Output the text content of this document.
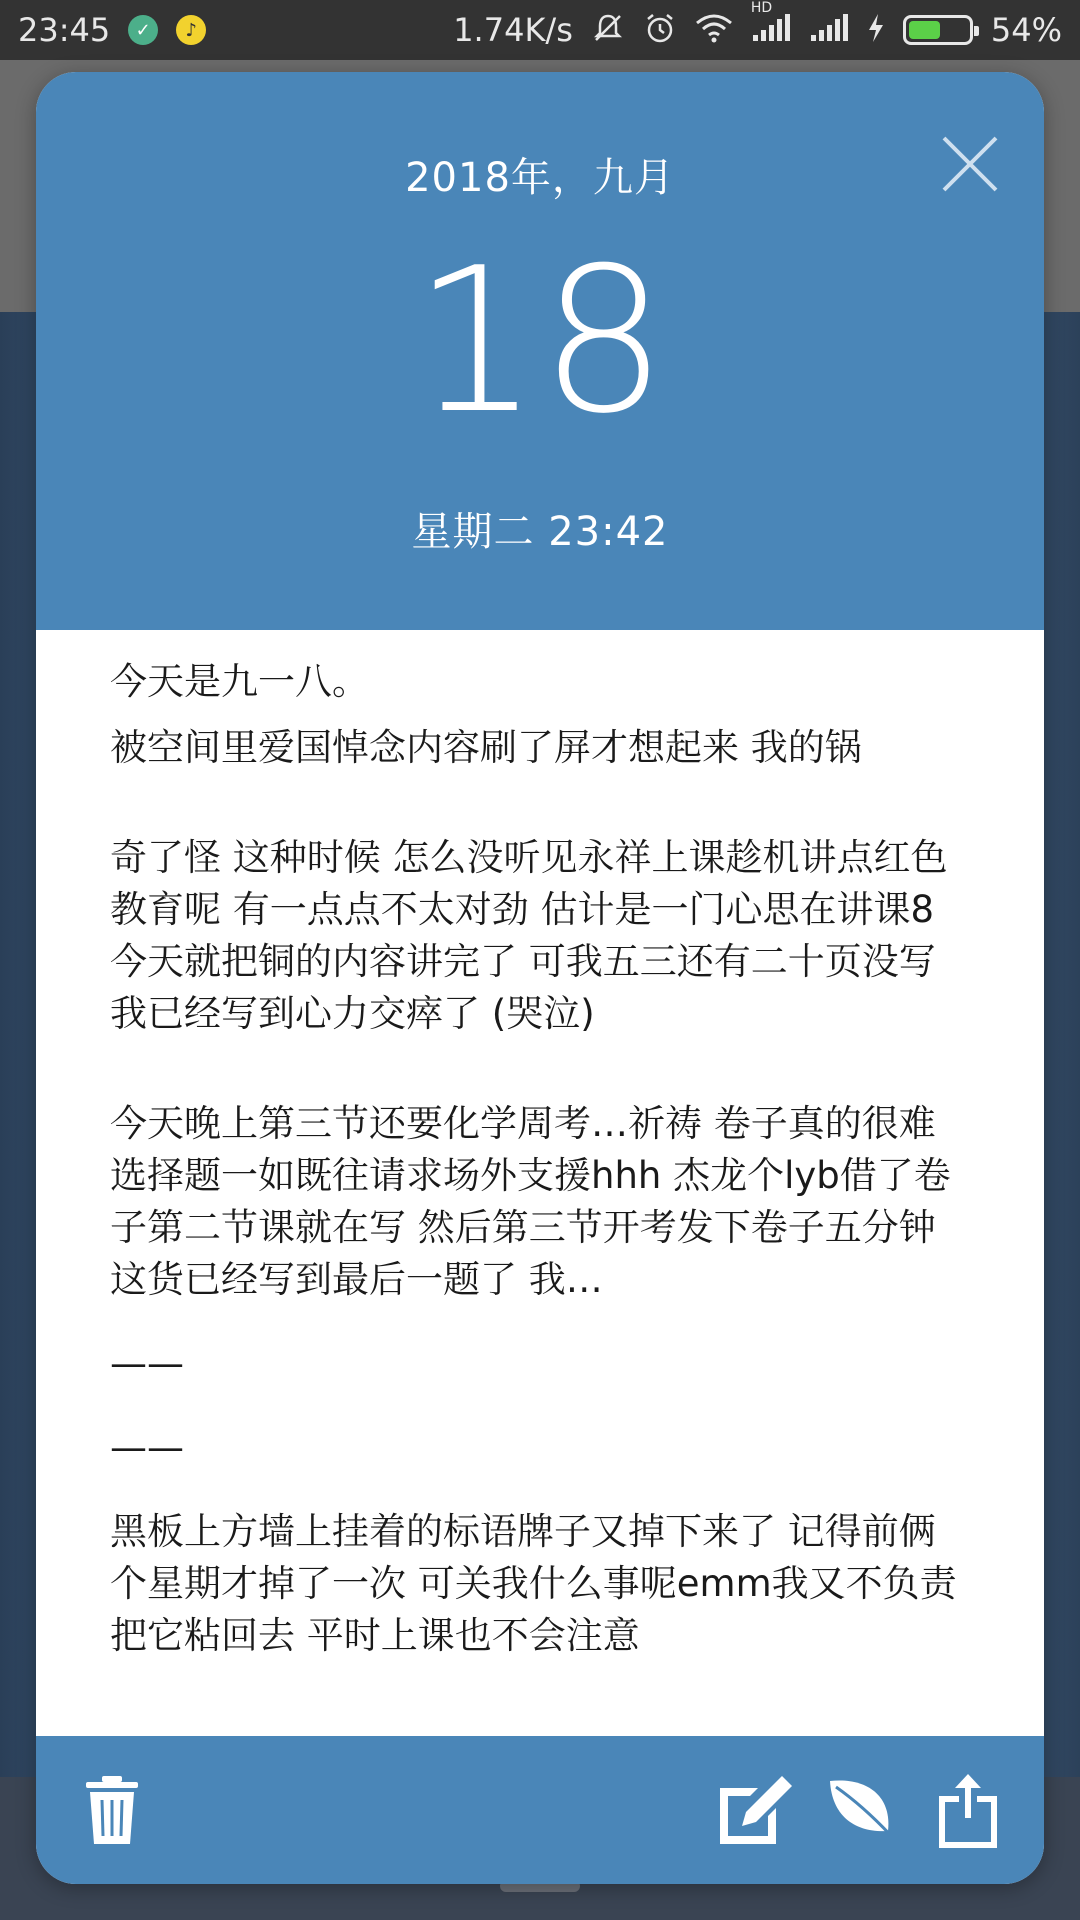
23:45	✓	♪	1.74K/s
HD
54%
2018年，九月
18
星期二 23:42

今天是九一八。

被空间里爱国悼念内容刷了屏才想起来 我的锅

奇了怪 这种时候 怎么没听见永祥上课趁机讲点红色教育呢 有一点点不太对劲 估计是一门心思在讲课8 今天就把铜的内容讲完了 可我五三还有二十页没写 我已经写到心力交瘁了 (哭泣)

今天晚上第三节还要化学周考…祈祷 卷子真的很难 选择题一如既往请求场外支援hhh 杰龙个lyb借了卷子第二节课就在写 然后第三节开考发下卷子五分钟这货已经写到最后一题了 我…

——

——

黑板上方墙上挂着的标语牌子又掉下来了 记得前俩个星期才掉了一次 可关我什么事呢emm我又不负责把它粘回去 平时上课也不会注意
